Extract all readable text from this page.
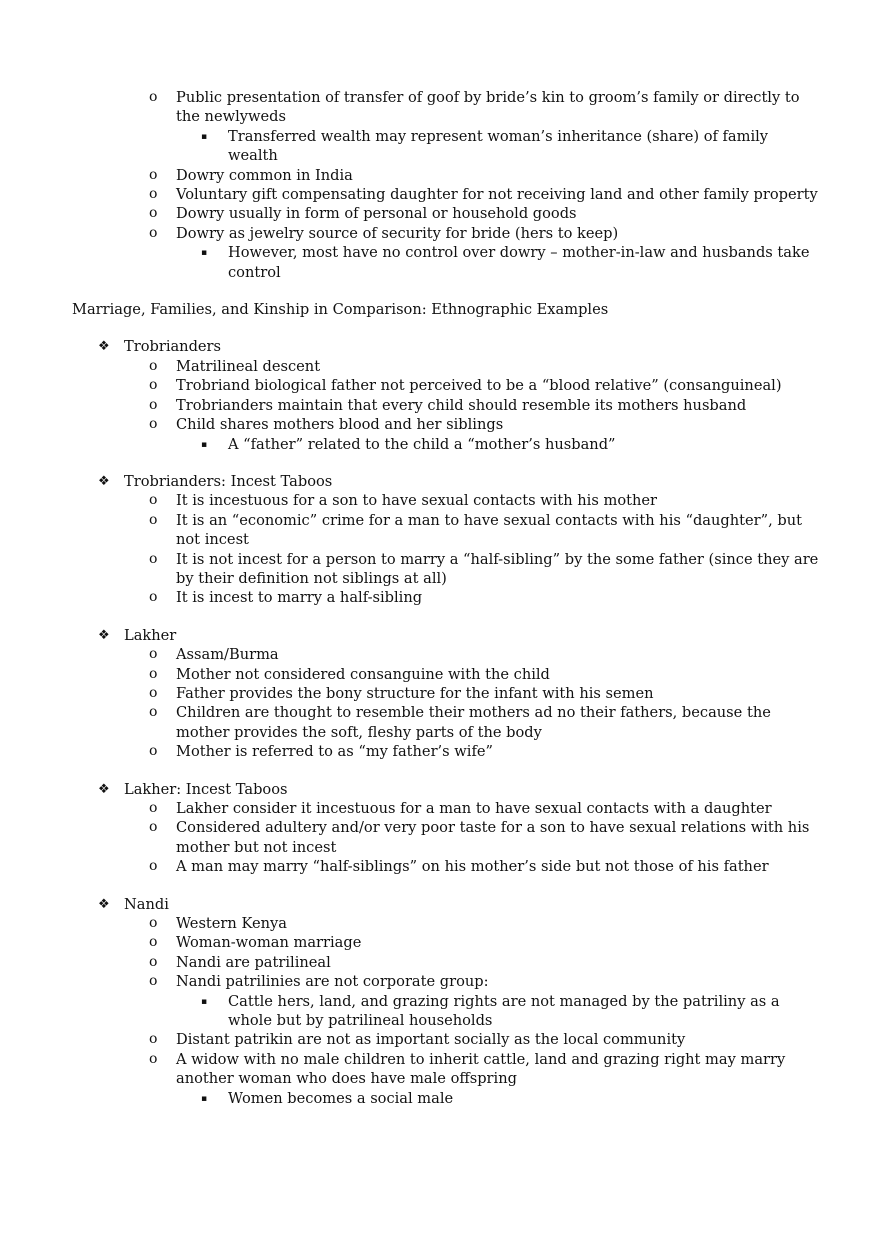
o Public presentation of transfer of goof by bride’s kin to groom’s family or directly to the newlyweds
▪ Transferred wealth may represent woman’s inheritance (share) of family wealth
o Dowry common in India
o Voluntary gift compensating daughter for not receiving land and other family property
o Dowry usually in form of personal or household goods
o Dowry as jewelry source of security for bride (hers to keep)
▪ However, most have no control over dowry – mother-in-law and husbands take control
Marriage, Families, and Kinship in Comparison: Ethnographic Examples
❖ Trobrianders
o Matrilineal descent
o Trobriand biological father not perceived to be a “blood relative” (consanguineal)
o Trobrianders maintain that every child should resemble its mothers husband
o Child shares mothers blood and her siblings
▪ A “father” related to the child a “mother’s husband”
❖ Trobrianders: Incest Taboos
o It is incestuous for a son to have sexual contacts with his mother
o It is an “economic” crime for a man to have sexual contacts with his “daughter”, but not incest
o It is not incest for a person to marry a “half-sibling” by the some father (since they are by their definition not siblings at all)
o It is incest to marry a half-sibling
❖ Lakher
o Assam/Burma
o Mother not considered consanguine with the child
o Father provides the bony structure for the infant with his semen
o Children are thought to resemble their mothers ad no their fathers, because the mother provides the soft, fleshy parts of the body
o Mother is referred to as “my father’s wife”
❖ Lakher: Incest Taboos
o Lakher consider it incestuous for a man to have sexual contacts with a daughter
o Considered adultery and/or very poor taste for a son to have sexual relations with his mother but not incest
o A man may marry “half-siblings” on his mother’s side but not those of his father
❖ Nandi
o Western Kenya
o Woman-woman marriage
o Nandi are patrilineal
o Nandi patrilinies are not corporate group:
▪ Cattle hers, land, and grazing rights are not managed by the patriliny as a whole but by patrilineal households
o Distant patrikin are not as important socially as the local community
o A widow with no male children to inherit cattle, land and grazing right may marry another woman who does have male offspring
▪ Women becomes a social male
